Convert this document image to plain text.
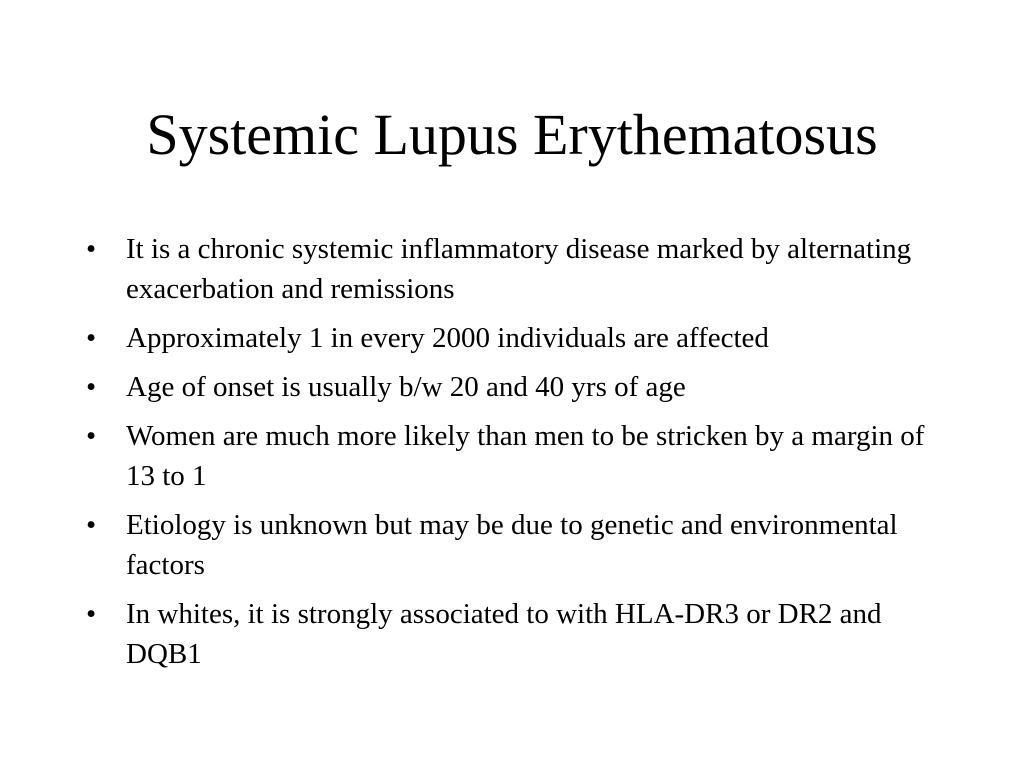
Systemic Lupus Erythematosus
•	It is a chronic systemic inflammatory disease marked by alternating exacerbation and remissions
•	Approximately 1 in every 2000 individuals are affected
•	Age of onset is usually b/w 20 and 40 yrs of age
•	Women are much more likely than men to be stricken by a margin of 13 to 1
•	Etiology is unknown but may be due to genetic and environmental factors
•	In whites, it is strongly associated to with HLA-DR3 or DR2 and DQB1
